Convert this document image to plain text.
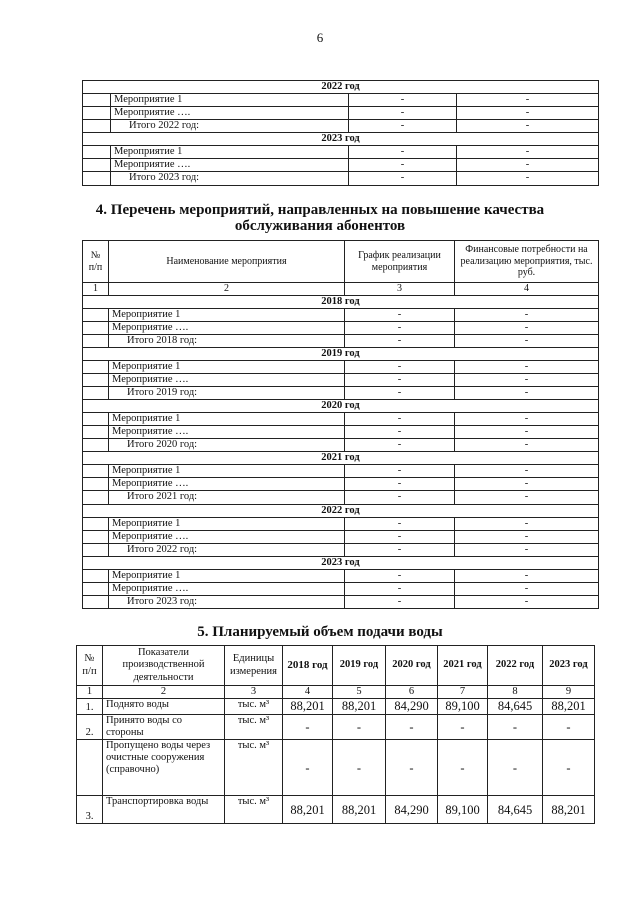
6
2022 год			
	Мероприятие 1	-	-
	Мероприятие ….	-	-
	Итого 2022 год:	-	-
2023 год			
	Мероприятие 1	-	-
	Мероприятие ….	-	-
	Итого 2023 год:	-	-
4. Перечень мероприятий, направленных на повышение качества
обслуживания абонентов
№ п/п	Наименование мероприятия	График реализации мероприятия	Финансовые потребности на реализацию мероприятия, тыс. руб.
1	2	3	4
2018 год			
	Мероприятие 1	-	-
	Мероприятие ….	-	-
	Итого 2018 год:	-	-
2019 год			
	Мероприятие 1	-	-
	Мероприятие ….	-	-
	Итого 2019 год:	-	-
2020 год			
	Мероприятие 1	-	-
	Мероприятие ….	-	-
	Итого 2020 год:	-	-
2021 год			
	Мероприятие 1	-	-
	Мероприятие ….	-	-
	Итого 2021 год:	-	-
2022 год			
	Мероприятие 1	-	-
	Мероприятие ….	-	-
	Итого 2022 год:	-	-
2023 год			
	Мероприятие 1	-	-
	Мероприятие ….	-	-
	Итого 2023 год:	-	-
5. Планируемый объем подачи воды
№ п/п	Показатели производственной деятельности	Единицы измерения	2018 год	2019 год	2020 год	2021 год	2022 год	2023 год
1	2	3	4	5	6	7	8	9
1.	Поднято воды	тыс. м³	88,201	88,201	84,290	89,100	84,645	88,201
2.	Принято воды со стороны	тыс. м³	-	-	-	-	-	-
	Пропущено воды через очистные сооружения (справочно)	тыс. м³	-	-	-	-	-	-
3.	Транспортировка воды	тыс. м³	88,201	88,201	84,290	89,100	84,645	88,201
